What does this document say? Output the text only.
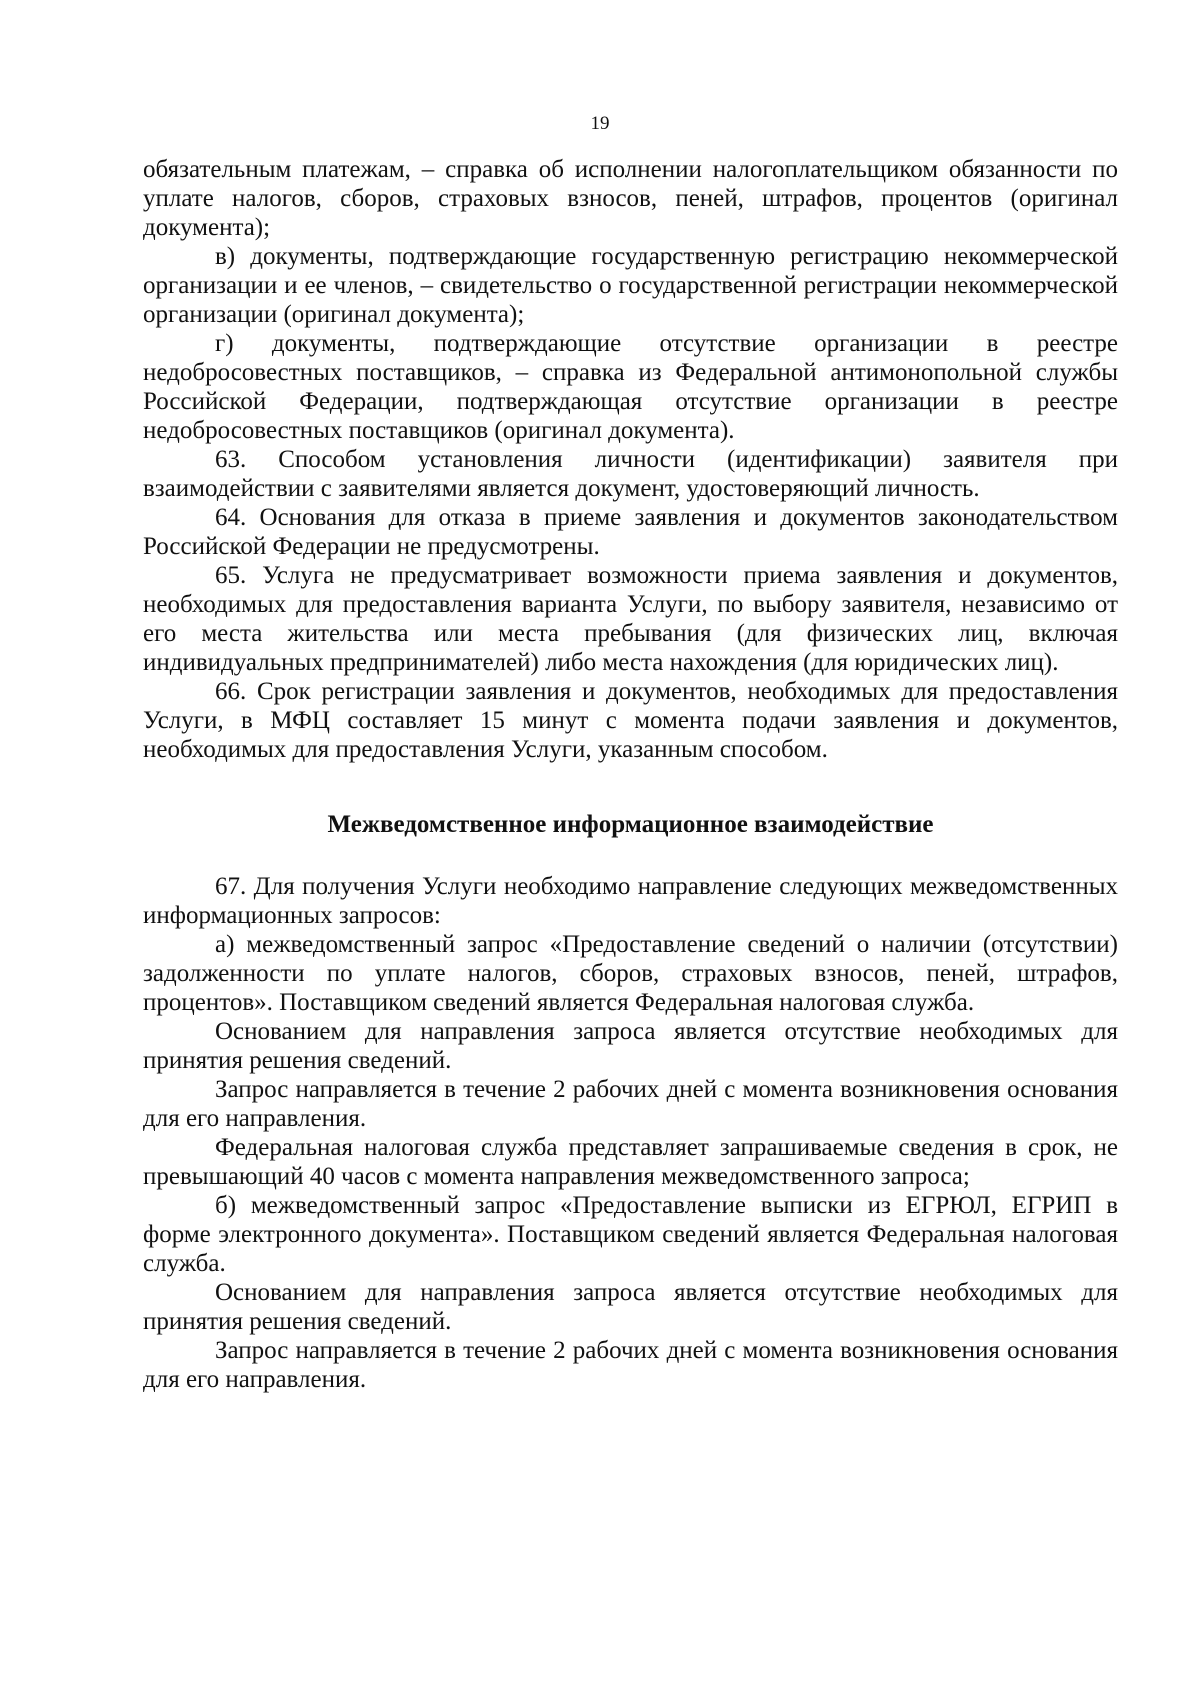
19

обязательным платежам, – справка об исполнении налогоплательщиком обязанности по уплате налогов, сборов, страховых взносов, пеней, штрафов, процентов (оригинал документа);

в) документы, подтверждающие государственную регистрацию некоммерческой организации и ее членов, – свидетельство о государственной регистрации некоммерческой организации (оригинал документа);

г) документы, подтверждающие отсутствие организации в реестре недобросовестных поставщиков, – справка из Федеральной антимонопольной службы Российской Федерации, подтверждающая отсутствие организации в реестре недобросовестных поставщиков (оригинал документа).

63. Способом установления личности (идентификации) заявителя при взаимодействии с заявителями является документ, удостоверяющий личность.

64. Основания для отказа в приеме заявления и документов законодательством Российской Федерации не предусмотрены.

65. Услуга не предусматривает возможности приема заявления и документов, необходимых для предоставления варианта Услуги, по выбору заявителя, независимо от его места жительства или места пребывания (для физических лиц, включая индивидуальных предпринимателей) либо места нахождения (для юридических лиц).

66. Срок регистрации заявления и документов, необходимых для предоставления Услуги, в МФЦ составляет 15 минут с момента подачи заявления и документов, необходимых для предоставления Услуги, указанным способом.

Межведомственное информационное взаимодействие

67. Для получения Услуги необходимо направление следующих межведомственных информационных запросов:

а) межведомственный запрос «Предоставление сведений о наличии (отсутствии) задолженности по уплате налогов, сборов, страховых взносов, пеней, штрафов, процентов». Поставщиком сведений является Федеральная налоговая служба.

Основанием для направления запроса является отсутствие необходимых для принятия решения сведений.

Запрос направляется в течение 2 рабочих дней с момента возникновения основания для его направления.

Федеральная налоговая служба представляет запрашиваемые сведения в срок, не превышающий 40 часов с момента направления межведомственного запроса;

б) межведомственный запрос «Предоставление выписки из ЕГРЮЛ, ЕГРИП в форме электронного документа». Поставщиком сведений является Федеральная налоговая служба.

Основанием для направления запроса является отсутствие необходимых для принятия решения сведений.

Запрос направляется в течение 2 рабочих дней с момента возникновения основания для его направления.
